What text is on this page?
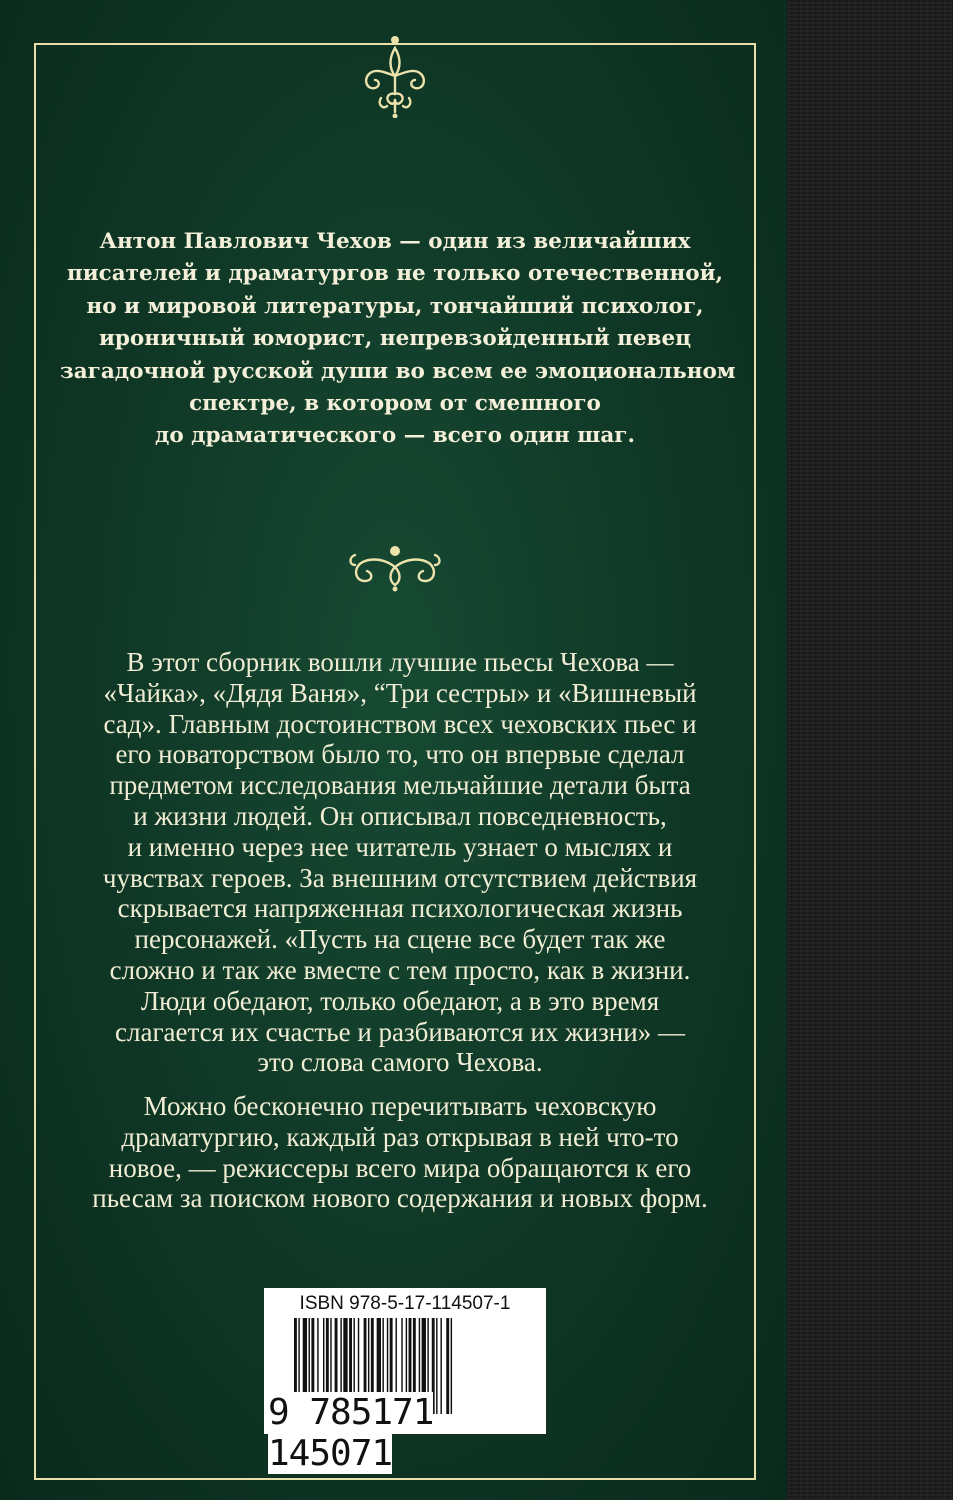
Антон Павлович Чехов — один из величайших
писателей и драматургов не только отечественной,
но и мировой литературы, тончайший психолог,
ироничный юморист, непревзойденный певец
загадочной русской души во всем ее эмоциональном
спектре, в котором от смешного
до драматического — всего один шаг.
В этот сборник вошли лучшие пьесы Чехова —
«Чайка», «Дядя Ваня», “Три сестры» и «Вишневый
сад». Главным достоинством всех чеховских пьес и
его новаторством было то, что он впервые сделал
предметом исследования мельчайшие детали быта
и жизни людей. Он описывал повседневность,
и именно через нее читатель узнает о мыслях и
чувствах героев. За внешним отсутствием действия
скрывается напряженная психологическая жизнь
персонажей. «Пусть на сцене все будет так же
сложно и так же вместе с тем просто, как в жизни.
Люди обедают, только обедают, а в это время
слагается их счастье и разбиваются их жизни» —
это слова самого Чехова.
Можно бесконечно перечитывать чеховскую
драматургию, каждый раз открывая в ней что-то
новое, — режиссеры всего мира обращаются к его
пьесам за поиском нового содержания и новых форм.
ISBN 978-5-17-114507-1
9 785171 145071
